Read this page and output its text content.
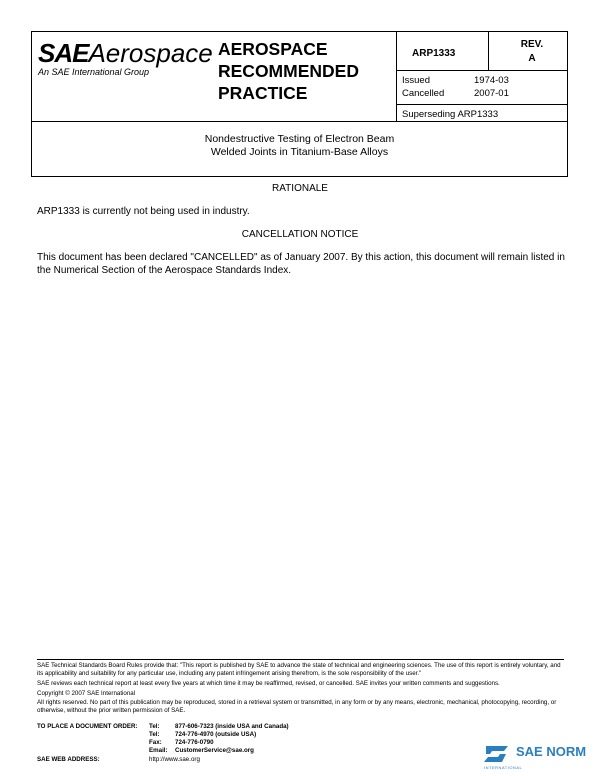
SAEAerospace
An SAE International Group
AEROSPACE
RECOMMENDED
PRACTICE
ARP1333
REV.
A
Issued	1974-03
Cancelled	2007-01
Superseding ARP1333
Nondestructive Testing of Electron Beam
Welded Joints in Titanium-Base Alloys
RATIONALE
ARP1333 is currently not being used in industry.
CANCELLATION NOTICE
This document has been declared "CANCELLED" as of January 2007. By this action, this document will remain listed in the Numerical Section of the Aerospace Standards Index.
SAE Technical Standards Board Rules provide that: "This report is published by SAE to advance the state of technical and engineering sciences. The use of this report is entirely voluntary, and its applicability and suitability for any particular use, including any patent infringement arising therefrom, is the sole responsibility of the user."
SAE reviews each technical report at least every five years at which time it may be reaffirmed, revised, or cancelled. SAE invites your written comments and suggestions.
Copyright © 2007 SAE International
All rights reserved. No part of this publication may be reproduced, stored in a retrieval system or transmitted, in any form or by any means, electronic, mechanical, photocopying, recording, or otherwise, without the prior written permission of SAE.
TO PLACE A DOCUMENT ORDER: Tel: 877-606-7323 (inside USA and Canada)
Tel: 724-776-4970 (outside USA)
Fax: 724-776-0790
Email: CustomerService@sae.org
SAE WEB ADDRESS:	http://www.sae.org
SAE NORM
INTERNATIONAL
